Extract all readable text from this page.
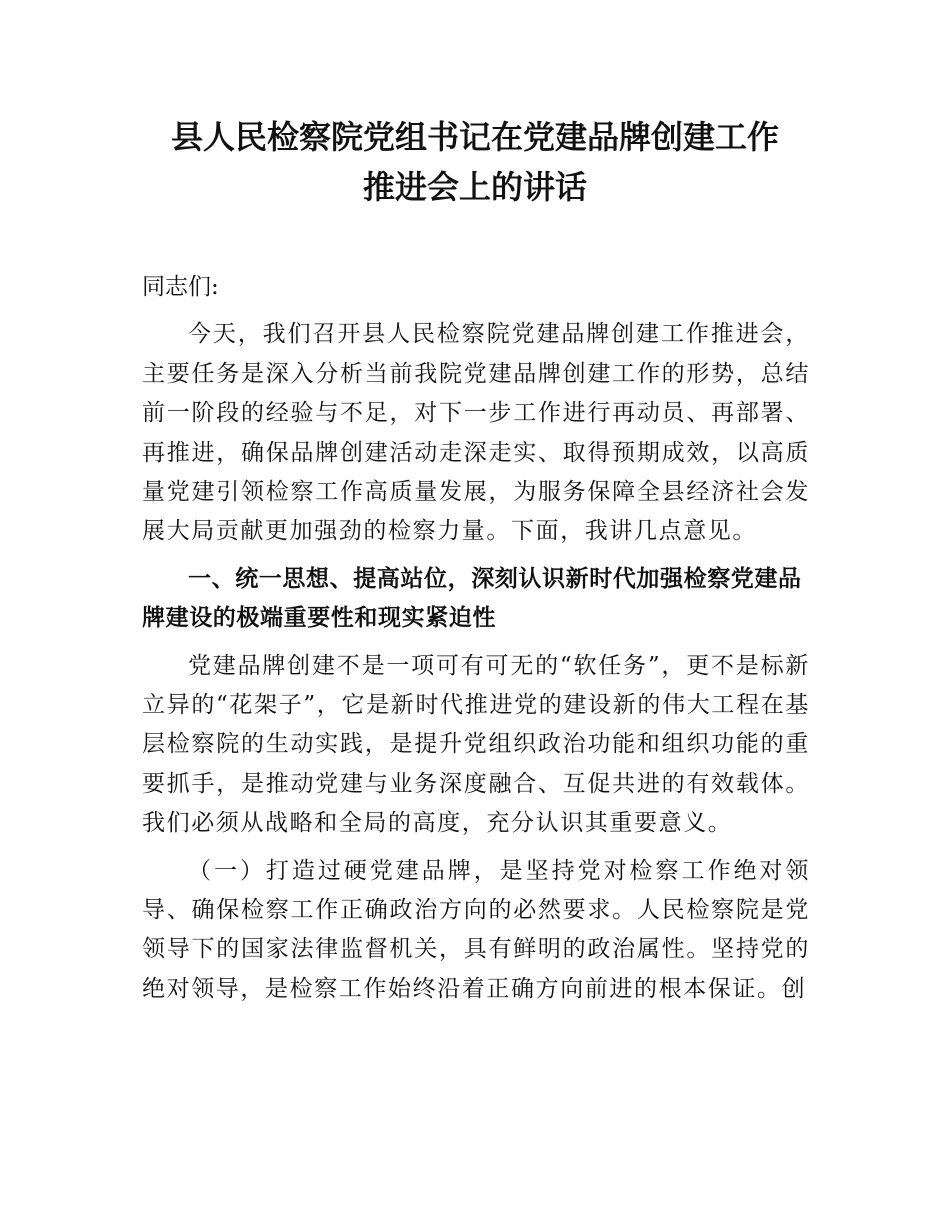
县人民检察院党组书记在党建品牌创建工作
推进会上的讲话

同志们:

今天，我们召开县人民检察院党建品牌创建工作推进会，主要任务是深入分析当前我院党建品牌创建工作的形势，总结前一阶段的经验与不足，对下一步工作进行再动员、再部署、再推进，确保品牌创建活动走深走实、取得预期成效，以高质量党建引领检察工作高质量发展，为服务保障全县经济社会发展大局贡献更加强劲的检察力量。下面，我讲几点意见。

一、统一思想、提高站位，深刻认识新时代加强检察党建品牌建设的极端重要性和现实紧迫性

党建品牌创建不是一项可有可无的“软任务”，更不是标新立异的“花架子”，它是新时代推进党的建设新的伟大工程在基层检察院的生动实践，是提升党组织政治功能和组织功能的重要抓手，是推动党建与业务深度融合、互促共进的有效载体。我们必须从战略和全局的高度，充分认识其重要意义。

（一）打造过硬党建品牌，是坚持党对检察工作绝对领导、确保检察工作正确政治方向的必然要求。人民检察院是党领导下的国家法律监督机关，具有鲜明的政治属性。坚持党的绝对领导，是检察工作始终沿着正确方向前进的根本保证。创
